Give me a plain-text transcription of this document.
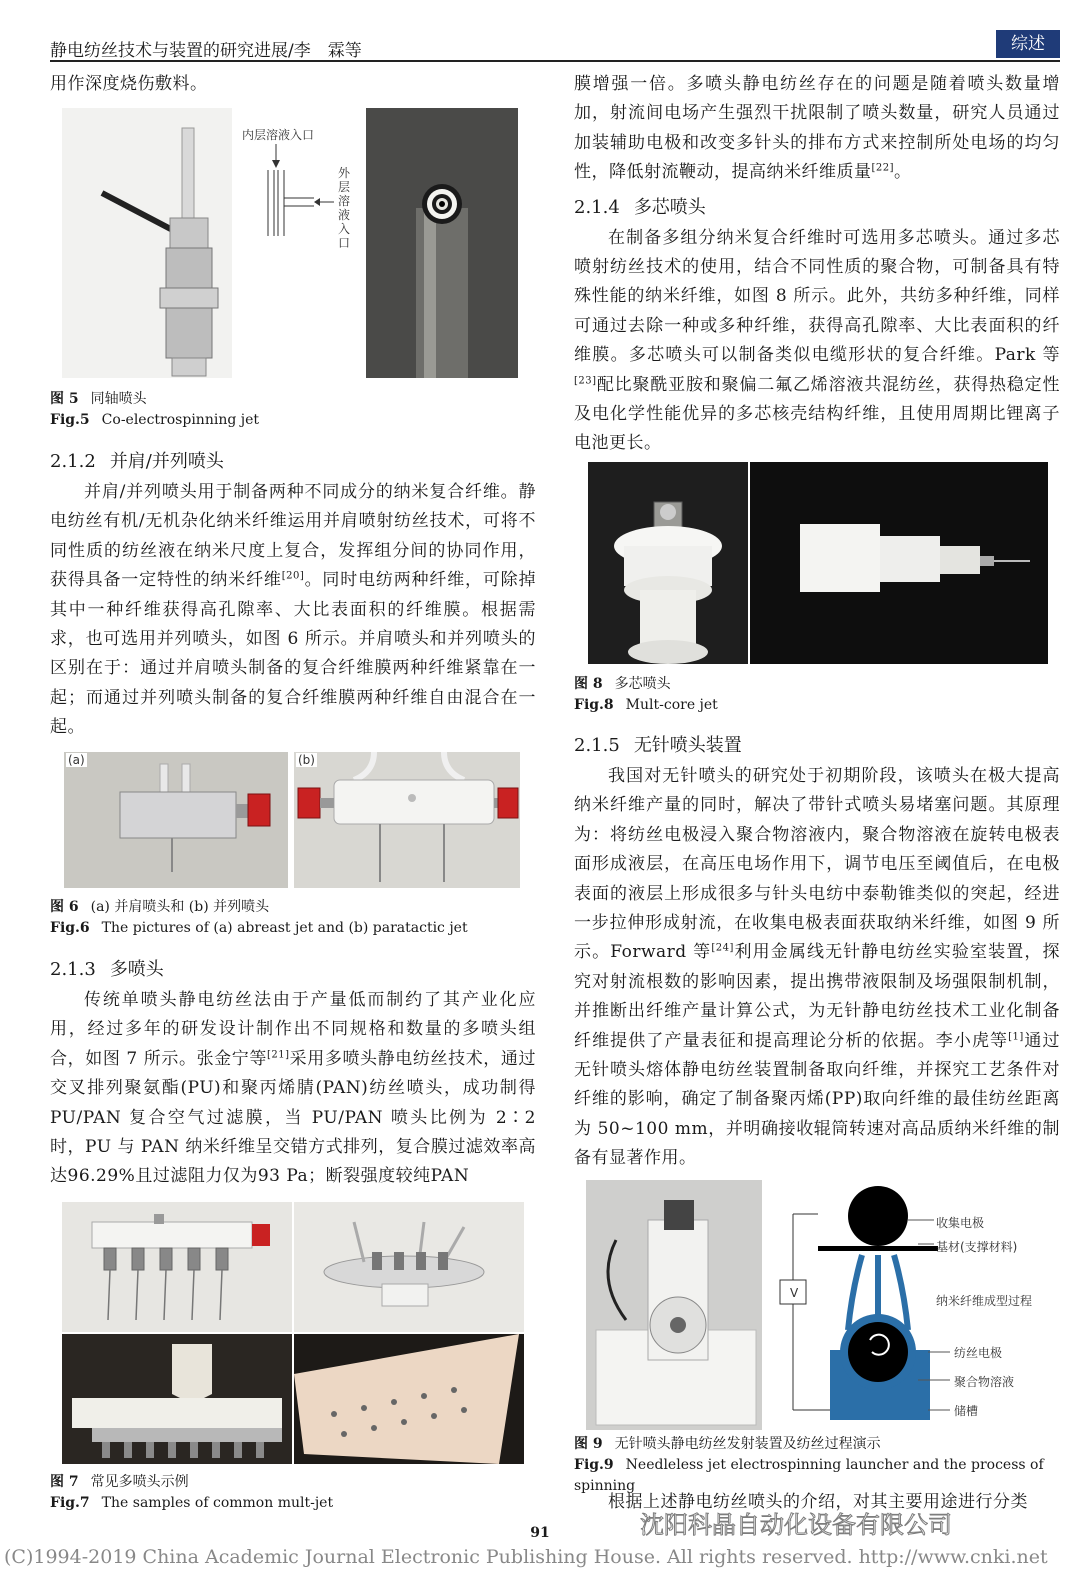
静电纺丝技术与装置的研究进展/李　霖等	综述

用作深度烧伤敷料。

内层溶液入口
外层溶液入口

图 5 同轴喷头

Fig.5 Co-electrospinning jet

2.1.2 并肩/并列喷头

并肩/并列喷头用于制备两种不同成分的纳米复合纤维。静电纺丝有机/无机杂化纳米纤维运用并肩喷射纺丝技术，可将不同性质的纺丝液在纳米尺度上复合，发挥组分间的协同作用，获得具备一定特性的纳米纤维[20]。同时电纺两种纤维，可除掉其中一种纤维获得高孔隙率、大比表面积的纤维膜。根据需求，也可选用并列喷头，如图 6 所示。并肩喷头和并列喷头的区别在于：通过并肩喷头制备的复合纤维膜两种纤维紧靠在一起；而通过并列喷头制备的复合纤维膜两种纤维自由混合在一起。

(a)	(b)

图 6 (a) 并肩喷头和 (b) 并列喷头

Fig.6 The pictures of (a) abreast jet and (b) paratactic jet

2.1.3 多喷头

传统单喷头静电纺丝法由于产量低而制约了其产业化应用，经过多年的研发设计制作出不同规格和数量的多喷头组合，如图 7 所示。张金宁等[21]采用多喷头静电纺丝技术，通过交叉排列聚氨酯(PU)和聚丙烯腈(PAN)纺丝喷头，成功制得 PU/PAN 复合空气过滤膜，当 PU/PAN 喷头比例为 2∶2时，PU 与 PAN 纳米纤维呈交错方式排列，复合膜过滤效率高达96.29%且过滤阻力仅为93 Pa；断裂强度较纯PAN

图 7 常见多喷头示例

Fig.7 The samples of common mult-jet

膜增强一倍。多喷头静电纺丝存在的问题是随着喷头数量增加，射流间电场产生强烈干扰限制了喷头数量，研究人员通过加装辅助电极和改变多针头的排布方式来控制所处电场的均匀性，降低射流鞭动，提高纳米纤维质量[22]。

2.1.4 多芯喷头

在制备多组分纳米复合纤维时可选用多芯喷头。通过多芯喷射纺丝技术的使用，结合不同性质的聚合物，可制备具有特殊性能的纳米纤维，如图 8 所示。此外，共纺多种纤维，同样可通过去除一种或多种纤维，获得高孔隙率、大比表面积的纤维膜。多芯喷头可以制备类似电缆形状的复合纤维。Park 等[23]配比聚酰亚胺和聚偏二氟乙烯溶液共混纺丝，获得热稳定性及电化学性能优异的多芯核壳结构纤维，且使用周期比锂离子电池更长。

图 8 多芯喷头

Fig.8 Mult-core jet

2.1.5 无针喷头装置

我国对无针喷头的研究处于初期阶段，该喷头在极大提高纳米纤维产量的同时，解决了带针式喷头易堵塞问题。其原理为：将纺丝电极浸入聚合物溶液内，聚合物溶液在旋转电极表面形成液层，在高压电场作用下，调节电压至阈值后，在电极表面的液层上形成很多与针头电纺中泰勒锥类似的突起，经进一步拉伸形成射流，在收集电极表面获取纳米纤维，如图 9 所示。Forward 等[24]利用金属线无针静电纺丝实验室装置，探究对射流根数的影响因素，提出携带液限制及场强限制机制，并推断出纤维产量计算公式，为无针静电纺丝技术工业化制备纤维提供了产量表征和提高理论分析的依据。李小虎等[1]通过无针喷头熔体静电纺丝装置制备取向纤维，并探究工艺条件对纤维的影响，确定了制备聚丙烯(PP)取向纤维的最佳纺丝距离为 50~100 mm，并明确接收辊筒转速对高品质纳米纤维的制备有显著作用。

收集电极
基材(支撑材料)
纳米纤维成型过程
纺丝电极
聚合物溶液
储槽
V

图 9 无针喷头静电纺丝发射装置及纺丝过程演示

Fig.9 Needleless jet electrospinning launcher and the process of spinning

根据上述静电纺丝喷头的介绍，对其主要用途进行分类

沈阳科晶自动化设备有限公司
91
(C)1994-2019 China Academic Journal Electronic Publishing House. All rights reserved. http://www.cnki.net
